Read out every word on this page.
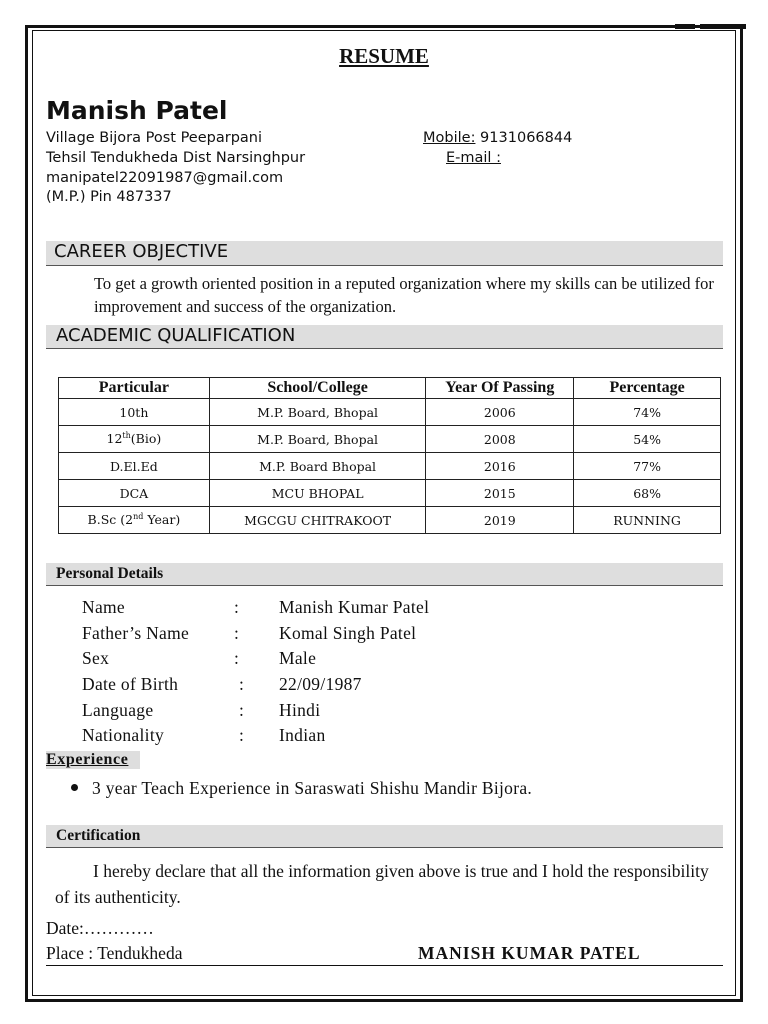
RESUME
Manish Patel
Village Bijora Post Peeparpani
Tehsil Tendukheda Dist Narsinghpur
manipatel22091987@gmail.com
(M.P.) Pin 487337
Mobile: 9131066844
E-mail :
CAREER OBJECTIVE
To get a growth oriented position in a reputed organization where my skills can be utilized for improvement and success of the organization.
ACADEMIC QUALIFICATION
Particular	School/College	Year Of Passing	Percentage
10th	M.P. Board, Bhopal	2006	74%
12th(Bio)	M.P. Board, Bhopal	2008	54%
D.El.Ed	M.P. Board Bhopal	2016	77%
DCA	MCU BHOPAL	2015	68%
B.Sc (2nd Year)	MGCGU CHITRAKOOT	2019	RUNNING
Personal Details
Name	: Manish Kumar Patel
Father’s Name	: Komal Singh Patel
Sex	: Male
Date of Birth	: 22/09/1987
Language	: Hindi
Nationality	: Indian
Experience
3 year Teach Experience in Saraswati Shishu Mandir Bijora.
Certification
I hereby declare that all the information given above is true and I hold the responsibility of its authenticity.
Date:…………
Place : Tendukheda	MANISH KUMAR PATEL
